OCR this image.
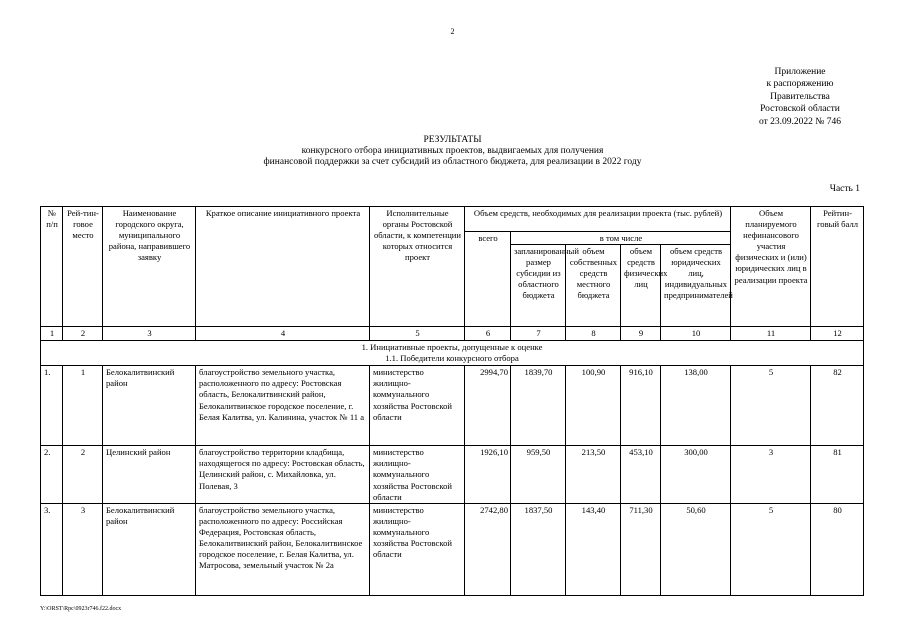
2
Приложение
к распоряжению
Правительства
Ростовской области
от 23.09.2022 № 746
РЕЗУЛЬТАТЫ
конкурсного отбора инициативных проектов, выдвигаемых для получения
финансовой поддержки за счет субсидий из областного бюджета, для реализации в 2022 году
Часть 1
№ п/п	Рей-тин-говое место	Наименование городского округа, муниципального района, направившего заявку	Краткое описание инициативного проекта	Исполнительные органы Ростовской области, к компетенции которых относится проект	Объем средств, необходимых для реализации проекта (тыс. рублей)					Объем планируемого нефинансового участия физических и (или) юридических лиц в реализации проекта	Рейтин-говый балл
					всего	в том числе					
						запланированный размер субсидии из областного бюджета	объем собственных средств местного бюджета	объем средств физических лиц	объем средств юридических лиц, индивидуальных предпринимателей		
1	2	3	4	5	6	7	8	9	10	11	12

1. Инициативные проекты, допущенные к оценке
1.1. Победители конкурсного отбора											

1.	1	Белокалитвинский район	благоустройство земельного участка, расположенного по адресу: Ростовская область, Белокалитвинский район, Белокалитвинское городское поселение, г. Белая Калитва, ул. Калинина, участок № 11 а	министерство жилищно-коммунального хозяйства Ростовской области	2994,70	1839,70	100,90	916,10	138,00	5	82
2.	2	Целинский район	благоустройство территории кладбища, находящегося по адресу: Ростовская область, Целинский район, с. Михайловка, ул. Полевая, 3	министерство жилищно-коммунального хозяйства Ростовской области	1926,10	959,50	213,50	453,10	300,00	3	81
3.	3	Белокалитвинский район	благоустройство земельного участка, расположенного по адресу: Российская Федерация, Ростовская область, Белокалитвинский район, Белокалитвинское городское поселение, г. Белая Калитва, ул. Матросова, земельный участок № 2а	министерство жилищно-коммунального хозяйства Ростовской области	2742,80	1837,50	143,40	711,30	50,60	5	80
Y:\ORST\Rpc\0923r746.f22.docx
